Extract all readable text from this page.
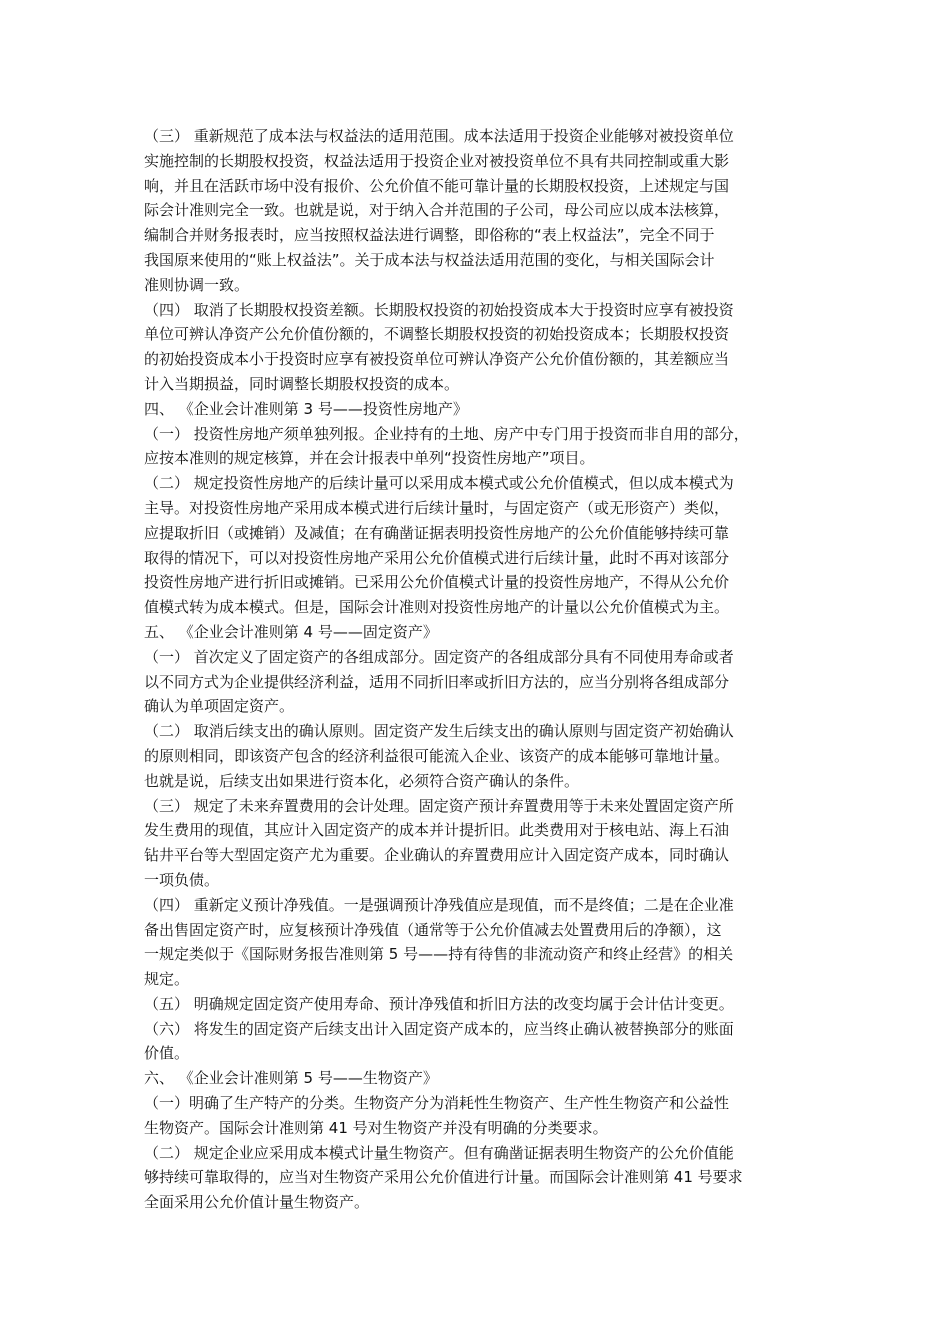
（三） 重新规范了成本法与权益法的适用范围。成本法适用于投资企业能够对被投资单位
实施控制的长期股权投资，权益法适用于投资企业对被投资单位不具有共同控制或重大影
响，并且在活跃市场中没有报价、公允价值不能可靠计量的长期股权投资，上述规定与国
际会计准则完全一致。也就是说，对于纳入合并范围的子公司，母公司应以成本法核算，
编制合并财务报表时，应当按照权益法进行调整，即俗称的“表上权益法”，完全不同于
我国原来使用的“账上权益法”。关于成本法与权益法适用范围的变化，与相关国际会计
准则协调一致。
（四） 取消了长期股权投资差额。长期股权投资的初始投资成本大于投资时应享有被投资
单位可辨认净资产公允价值份额的，不调整长期股权投资的初始投资成本；长期股权投资
的初始投资成本小于投资时应享有被投资单位可辨认净资产公允价值份额的，其差额应当
计入当期损益，同时调整长期股权投资的成本。
四、 《企业会计准则第 3 号——投资性房地产》
（一） 投资性房地产须单独列报。企业持有的土地、房产中专门用于投资而非自用的部分，
应按本准则的规定核算，并在会计报表中单列“投资性房地产”项目。
（二） 规定投资性房地产的后续计量可以采用成本模式或公允价值模式，但以成本模式为
主导。对投资性房地产采用成本模式进行后续计量时，与固定资产（或无形资产）类似，
应提取折旧（或摊销）及减值；在有确凿证据表明投资性房地产的公允价值能够持续可靠
取得的情况下，可以对投资性房地产采用公允价值模式进行后续计量，此时不再对该部分
投资性房地产进行折旧或摊销。已采用公允价值模式计量的投资性房地产，不得从公允价
值模式转为成本模式。但是，国际会计准则对投资性房地产的计量以公允价值模式为主。
五、 《企业会计准则第 4 号——固定资产》
（一） 首次定义了固定资产的各组成部分。固定资产的各组成部分具有不同使用寿命或者
以不同方式为企业提供经济利益，适用不同折旧率或折旧方法的，应当分别将各组成部分
确认为单项固定资产。
（二） 取消后续支出的确认原则。固定资产发生后续支出的确认原则与固定资产初始确认
的原则相同，即该资产包含的经济利益很可能流入企业、该资产的成本能够可靠地计量。
也就是说，后续支出如果进行资本化，必须符合资产确认的条件。
（三） 规定了未来弃置费用的会计处理。固定资产预计弃置费用等于未来处置固定资产所
发生费用的现值，其应计入固定资产的成本并计提折旧。此类费用对于核电站、海上石油
钻井平台等大型固定资产尤为重要。企业确认的弃置费用应计入固定资产成本，同时确认
一项负债。
（四） 重新定义预计净残值。一是强调预计净残值应是现值，而不是终值；二是在企业准
备出售固定资产时，应复核预计净残值（通常等于公允价值减去处置费用后的净额），这
一规定类似于《国际财务报告准则第 5 号——持有待售的非流动资产和终止经营》的相关
规定。
（五） 明确规定固定资产使用寿命、预计净残值和折旧方法的改变均属于会计估计变更。
（六） 将发生的固定资产后续支出计入固定资产成本的，应当终止确认被替换部分的账面
价值。
六、 《企业会计准则第 5 号——生物资产》
（一）明确了生产特产的分类。生物资产分为消耗性生物资产、生产性生物资产和公益性
生物资产。国际会计准则第 41 号对生物资产并没有明确的分类要求。
（二） 规定企业应采用成本模式计量生物资产。但有确凿证据表明生物资产的公允价值能
够持续可靠取得的，应当对生物资产采用公允价值进行计量。而国际会计准则第 41 号要求
全面采用公允价值计量生物资产。
